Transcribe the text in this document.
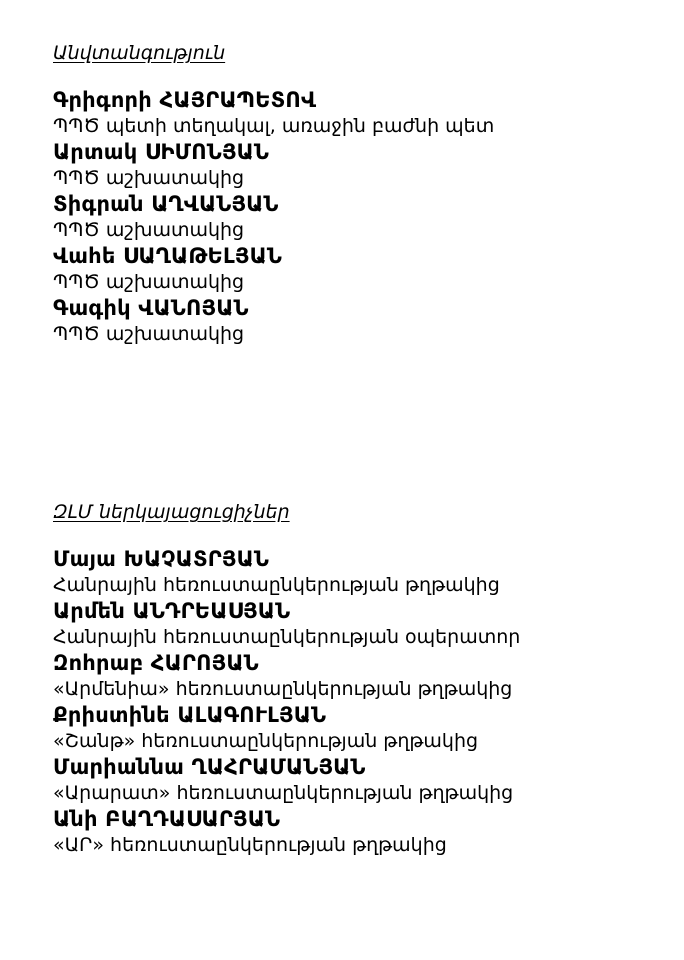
Անվտանգություն
Գրիգորի ՀԱՅՐԱՊԵՏՈՎ
ՊՊԾ պետի տեղակալ, առաջին բաժնի պետ
Արտակ ՍԻՄՈՆՅԱՆ
ՊՊԾ աշխատակից
Տիգրան ԱՂՎԱՆՅԱՆ
ՊՊԾ աշխատակից
Վահե ՍԱՂԱԹԵԼՅԱՆ
ՊՊԾ աշխատակից
Գագիկ ՎԱՆՈՅԱՆ
ՊՊԾ աշխատակից
ԶԼՄ ներկայացուցիչներ
Մայա ԽԱՉԱՏՐՅԱՆ
Հանրային հեռուստաընկերության թղթակից
Արմեն ԱՆԴՐԵԱՍՅԱՆ
Հանրային հեռուստաընկերության օպերատոր
Զոհրաբ ՀԱՐՈՅԱՆ
«Արմենիա» հեռուստաընկերության թղթակից
Քրիստինե ԱԼԱԳՈՒԼՅԱՆ
«Շանթ» հեռուստաընկերության թղթակից
Մարիաննա ՂԱՀՐԱՄԱՆՅԱՆ
«Արարատ» հեռուստաընկերության թղթակից
Անի ԲԱՂԴԱՍԱՐՅԱՆ
«ԱՐ» հեռուստաընկերության թղթակից
